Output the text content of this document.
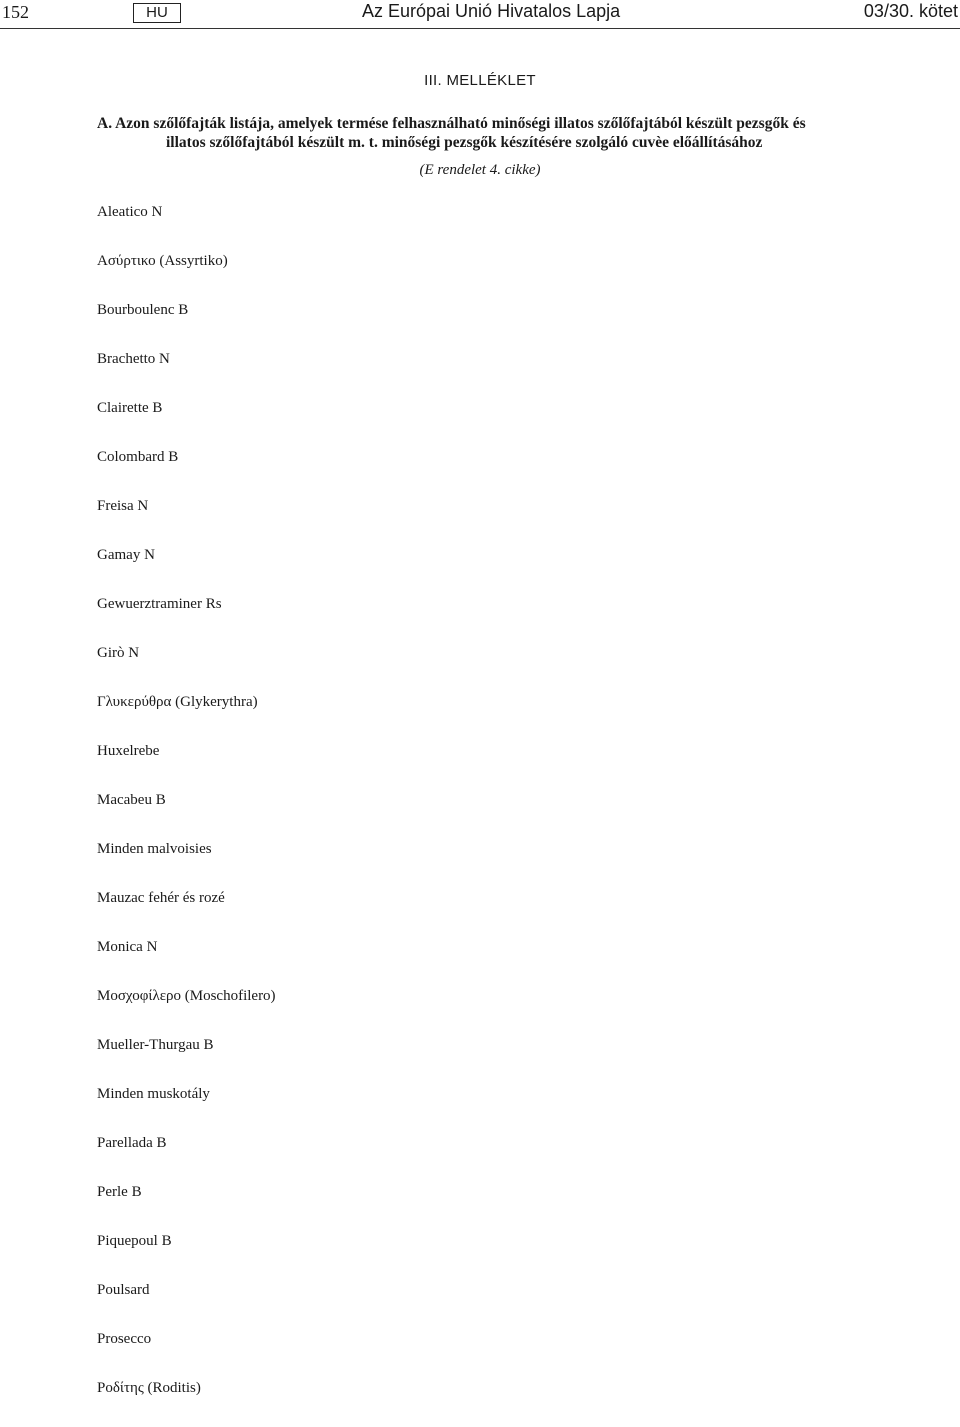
152	HU	Az Európai Unió Hivatalos Lapja	03/30. kötet
III. MELLÉKLET
A. Azon szőlőfajták listája, amelyek termése felhasználható minőségi illatos szőlőfajtából készült pezsgők és
illatos szőlőfajtából készült m. t. minőségi pezsgők készítésére szolgáló cuvèe előállításához
(E rendelet 4. cikke)
Aleatico N
Ασύρτικο (Assyrtiko)
Bourboulenc B
Brachetto N
Clairette B
Colombard B
Freisa N
Gamay N
Gewuerztraminer Rs
Girò N
Γλυκερύθρα (Glykerythra)
Huxelrebe
Macabeu B
Minden malvoisies
Mauzac fehér és rozé
Monica N
Μοσχοφίλερο (Moschofilero)
Mueller-Thurgau B
Minden muskotály
Parellada B
Perle B
Piquepoul B
Poulsard
Prosecco
Ροδίτης (Roditis)
